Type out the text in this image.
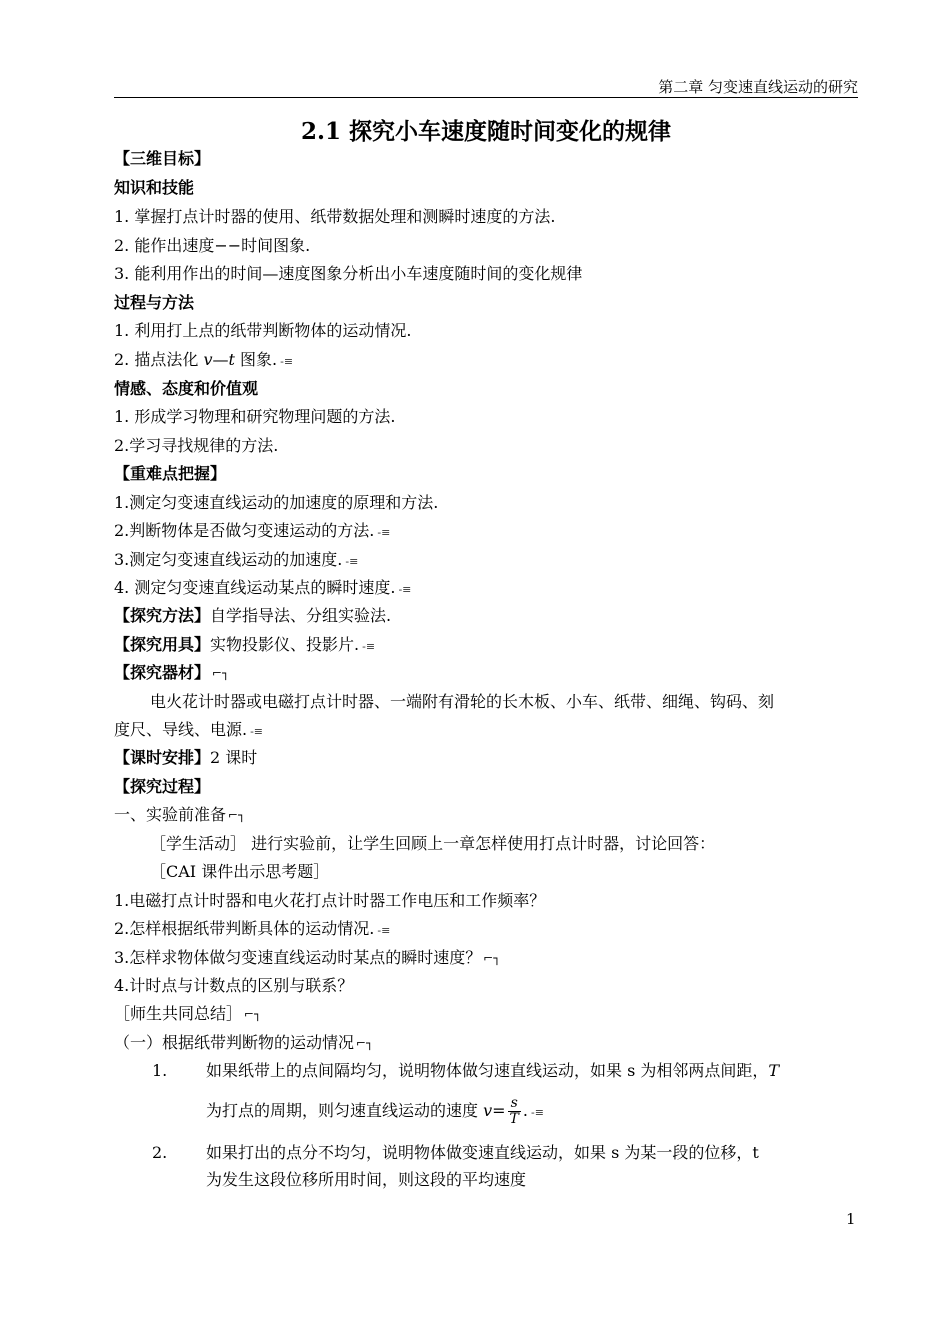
第二章 匀变速直线运动的研究
2.1 探究小车速度随时间变化的规律
【三维目标】
知识和技能
1. 掌握打点计时器的使用、纸带数据处理和测瞬时速度的方法.
2. 能作出速度−−时间图象.
3. 能利用作出的时间—速度图象分析出小车速度随时间的变化规律
过程与方法
1. 利用打上点的纸带判断物体的运动情况.
2. 描点法化 v—t 图象. -≡
情感、态度和价值观
1. 形成学习物理和研究物理问题的方法.
2.学习寻找规律的方法.
【重难点把握】
1.测定匀变速直线运动的加速度的原理和方法.
2.判断物体是否做匀变速运动的方法. -≡
3.测定匀变速直线运动的加速度. -≡
4. 测定匀变速直线运动某点的瞬时速度. -≡
【探究方法】自学指导法、分组实验法.
【探究用具】实物投影仪、投影片. -≡
【探究器材】 ⌐┐
电火花计时器或电磁打点计时器、一端附有滑轮的长木板、小车、纸带、细绳、钩码、刻
度尺、导线、电源. -≡
【课时安排】2 课时
【探究过程】
一、实验前准备 ⌐┐
［学生活动］ 进行实验前，让学生回顾上一章怎样使用打点计时器，讨论回答：
［CAI 课件出示思考题］
1.电磁打点计时器和电火花打点计时器工作电压和工作频率？
2.怎样根据纸带判断具体的运动情况. -≡
3.怎样求物体做匀变速直线运动时某点的瞬时速度？ ⌐┐
4.计时点与计数点的区别与联系？
［师生共同总结］ ⌐┐
（一）根据纸带判断物的运动情况 ⌐┐
1. 如果纸带上的点间隔均匀，说明物体做匀速直线运动，如果 s 为相邻两点间距，T
为打点的周期，则匀速直线运动的速度 $v= \frac{s}{T}$ . -≡
2. 如果打出的点分不均匀，说明物体做变速直线运动，如果 s 为某一段的位移，t
为发生这段位移所用时间，则这段的平均速度
1
